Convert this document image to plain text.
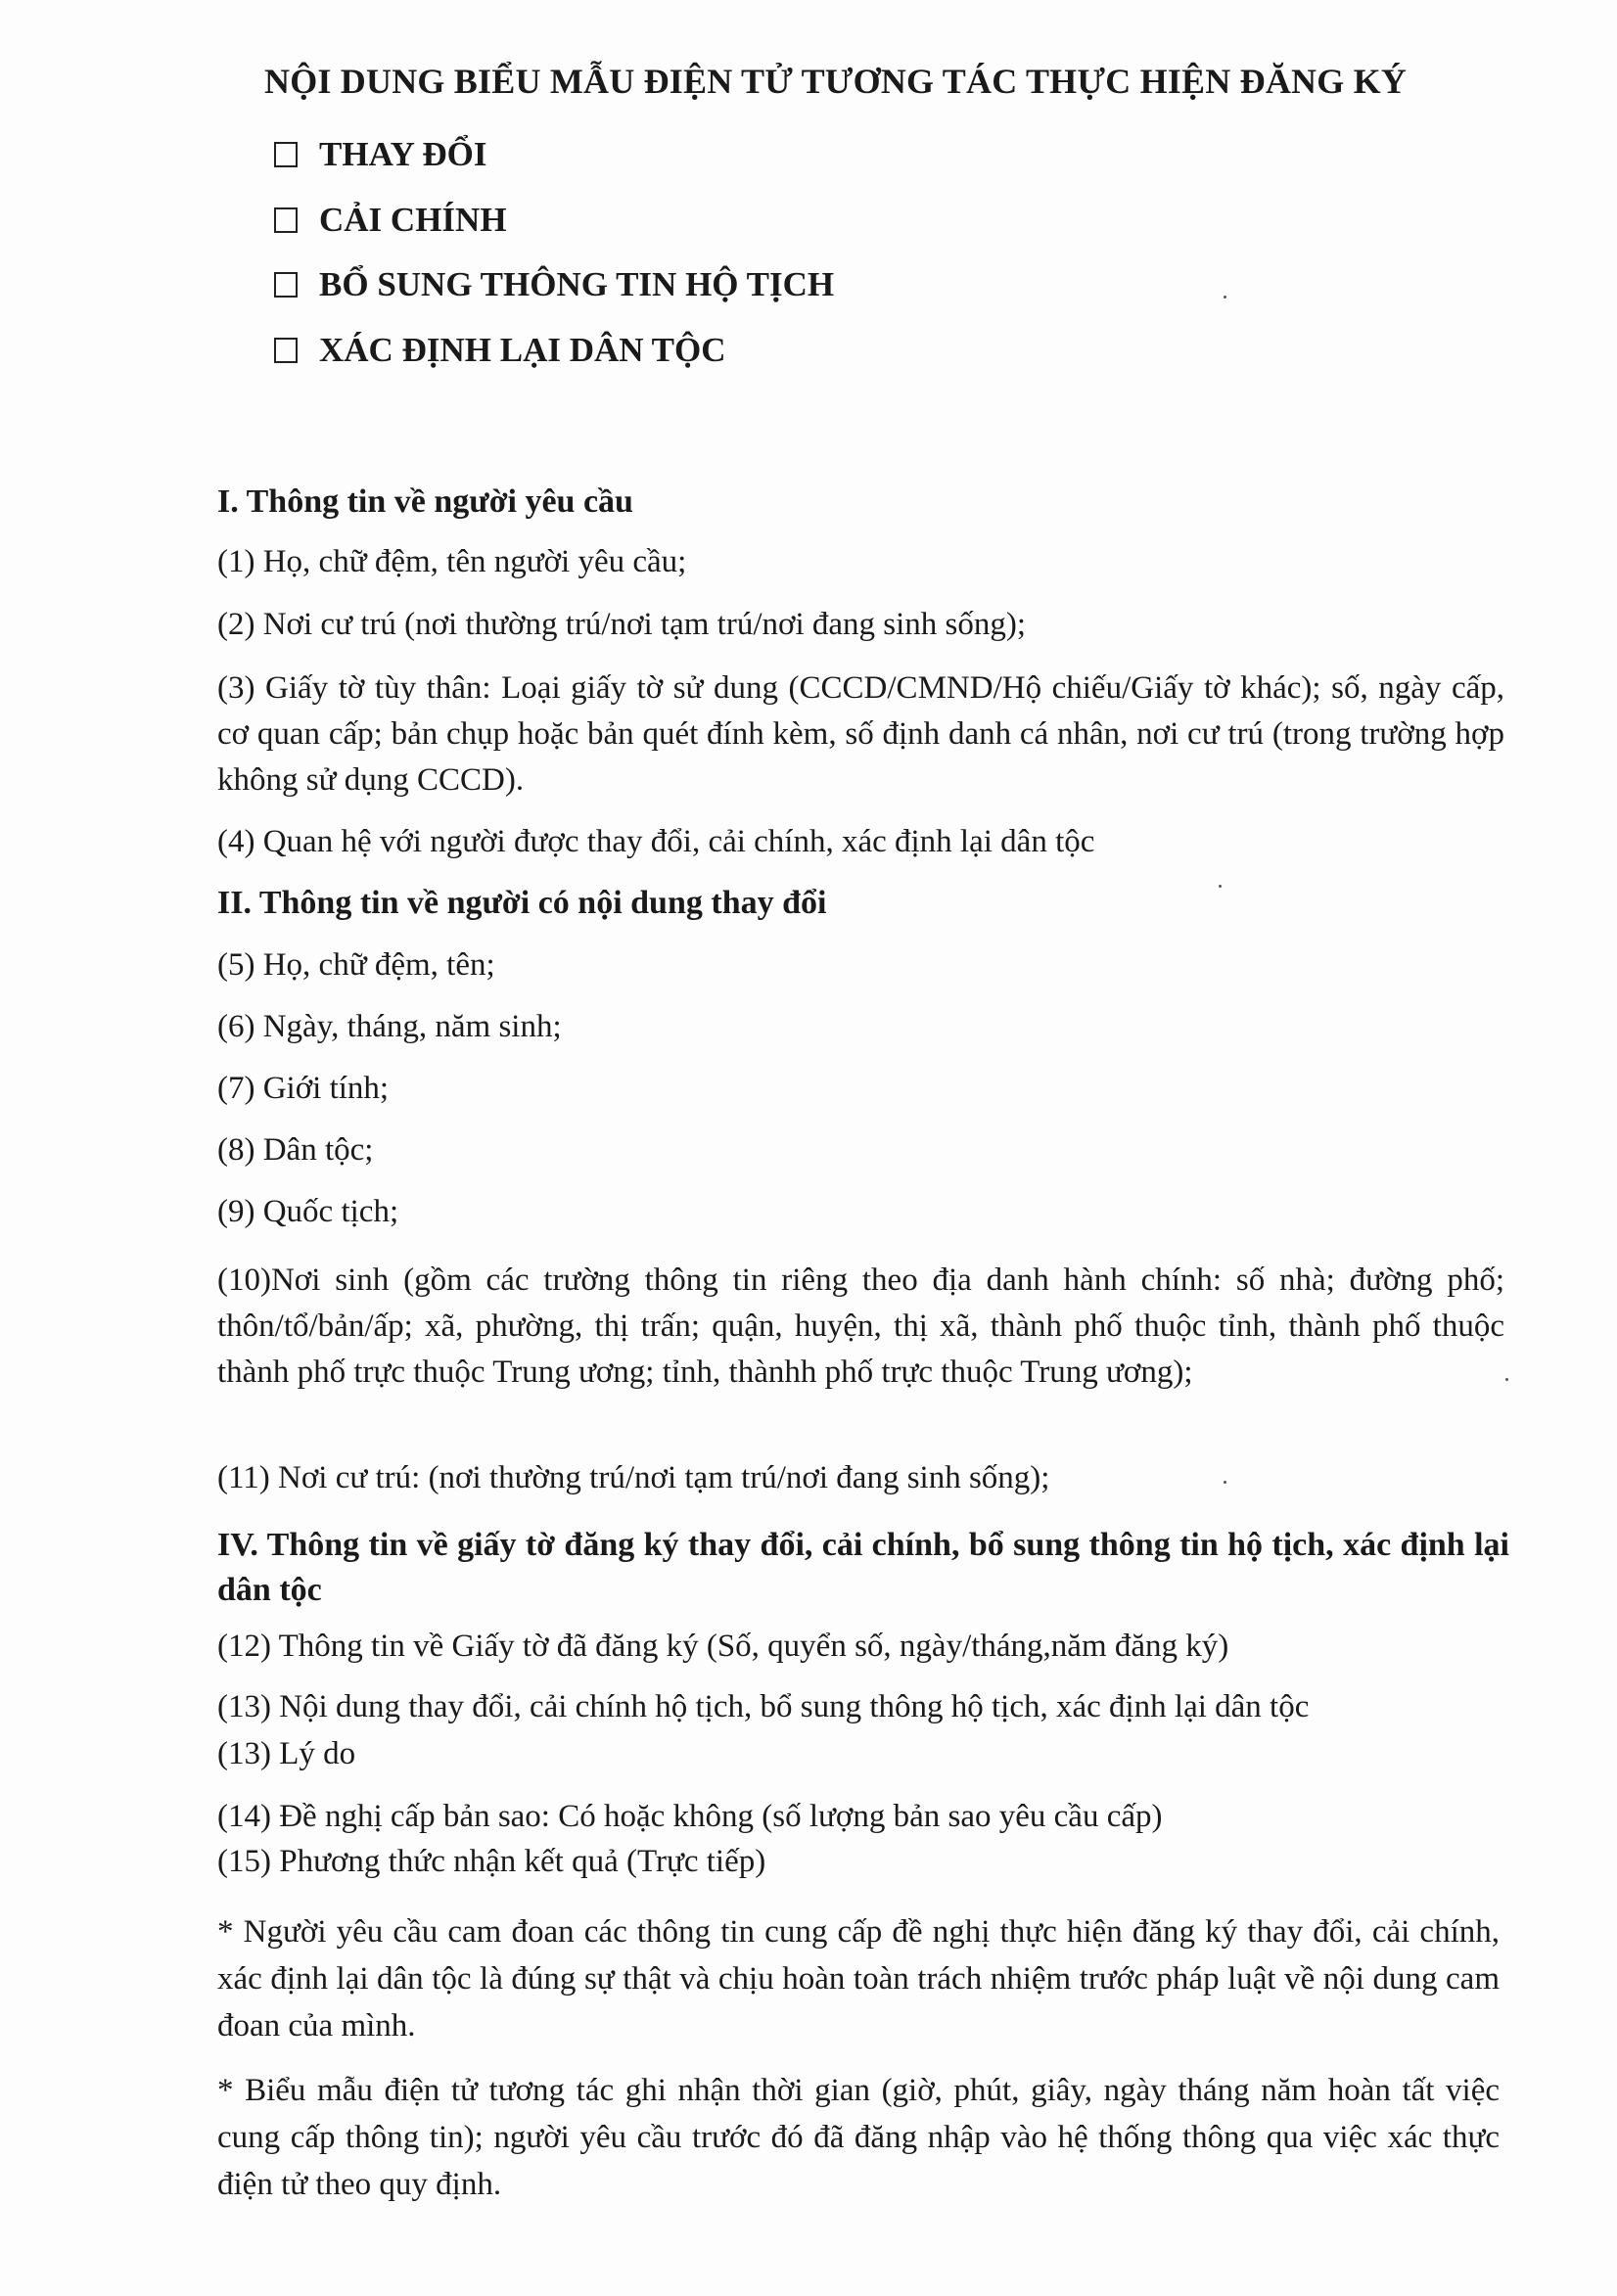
NỘI DUNG BIỂU MẪU ĐIỆN TỬ TƯƠNG TÁC THỰC HIỆN ĐĂNG KÝ
THAY ĐỔI
CẢI CHÍNH
BỔ SUNG THÔNG TIN HỘ TỊCH
XÁC ĐỊNH LẠI DÂN TỘC
I. Thông tin về người yêu cầu
(1) Họ, chữ đệm, tên người yêu cầu;
(2) Nơi cư trú (nơi thường trú/nơi tạm trú/nơi đang sinh sống);
(3) Giấy tờ tùy thân: Loại giấy tờ sử dung (CCCD/CMND/Hộ chiếu/Giấy tờ khác); số, ngày cấp, cơ quan cấp; bản chụp hoặc bản quét đính kèm, số định danh cá nhân, nơi cư trú (trong trường hợp không sử dụng CCCD).
(4) Quan hệ với người được thay đổi, cải chính, xác định lại dân tộc
II. Thông tin về người có nội dung thay đổi
(5) Họ, chữ đệm, tên;
(6) Ngày, tháng, năm sinh;
(7) Giới tính;
(8) Dân tộc;
(9) Quốc tịch;
(10)Nơi sinh (gồm các trường thông tin riêng theo địa danh hành chính: số nhà; đường phố; thôn/tổ/bản/ấp; xã, phường, thị trấn; quận, huyện, thị xã, thành phố thuộc tỉnh, thành phố thuộc thành phố trực thuộc Trung ương; tỉnh, thànhh phố trực thuộc Trung ương);
(11) Nơi cư trú: (nơi thường trú/nơi tạm trú/nơi đang sinh sống);
IV. Thông tin về giấy tờ đăng ký thay đổi, cải chính, bổ sung thông tin hộ tịch, xác định lại dân tộc
(12) Thông tin về Giấy tờ đã đăng ký (Số, quyển số, ngày/tháng,năm đăng ký)
(13) Nội dung thay đổi, cải chính hộ tịch, bổ sung thông hộ tịch, xác định lại dân tộc
(13) Lý do
(14) Đề nghị cấp bản sao: Có hoặc không (số lượng bản sao yêu cầu cấp)
(15) Phương thức nhận kết quả (Trực tiếp)
* Người yêu cầu cam đoan các thông tin cung cấp đề nghị thực hiện đăng ký thay đổi, cải chính, xác định lại dân tộc là đúng sự thật và chịu hoàn toàn trách nhiệm trước pháp luật về nội dung cam đoan của mình.
* Biểu mẫu điện tử tương tác ghi nhận thời gian (giờ, phút, giây, ngày tháng năm hoàn tất việc cung cấp thông tin); người yêu cầu trước đó đã đăng nhập vào hệ thống thông qua việc xác thực điện tử theo quy định.
